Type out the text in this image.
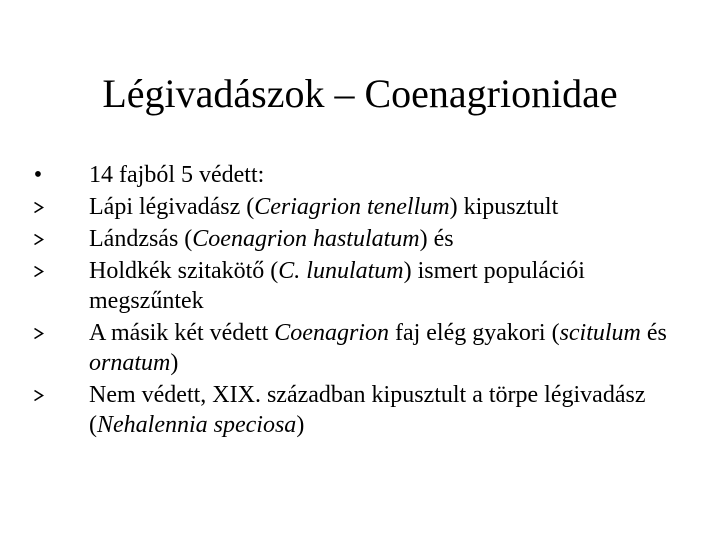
Légivadászok – Coenagrionidae
• 14 fajból 5 védett:
Lápi légivadász (Ceriagrion tenellum) kipusztult
Lándzsás (Coenagrion hastulatum) és
Holdkék szitakötő (C. lunulatum) ismert populációi megszűntek
A másik két védett Coenagrion faj elég gyakori (scitulum és ornatum)
Nem védett, XIX. században kipusztult a törpe légivadász (Nehalennia speciosa)
